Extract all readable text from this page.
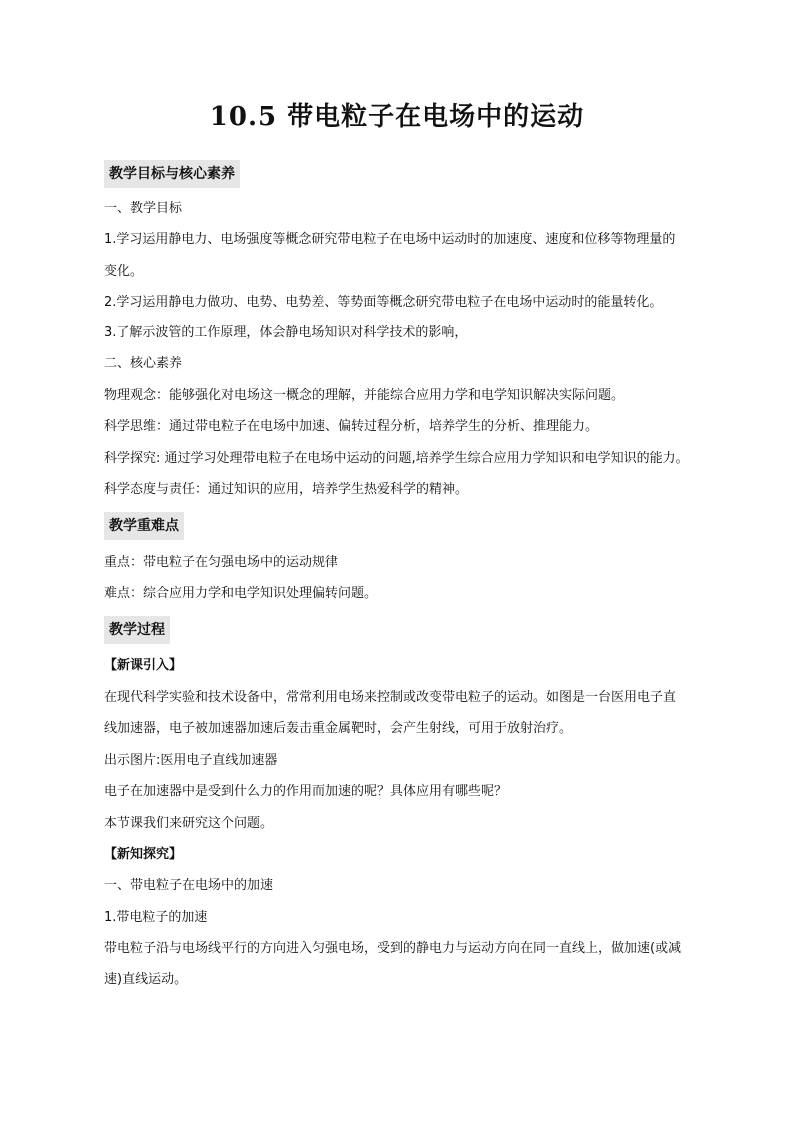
10.5 带电粒子在电场中的运动
教学目标与核心素养
一、教学目标
1.学习运用静电力、电场强度等概念研究带电粒子在电场中运动时的加速度、速度和位移等物理量的
变化。
2.学习运用静电力做功、电势、电势差、等势面等概念研究带电粒子在电场中运动时的能量转化。
3.了解示波管的工作原理，体会静电场知识对科学技术的影响，
二、核心素养
物理观念：能够强化对电场这一概念的理解，并能综合应用力学和电学知识解决实际问题。
科学思维：通过带电粒子在电场中加速、偏转过程分析，培养学生的分析、推理能力。
科学探究: 通过学习处理带电粒子在电场中运动的问题,培养学生综合应用力学知识和电学知识的能力。
科学态度与责任：通过知识的应用，培养学生热爱科学的精神。
教学重难点
重点：带电粒子在匀强电场中的运动规律
难点：综合应用力学和电学知识处理偏转问题。
教学过程
【新课引入】
在现代科学实验和技术设备中，常常利用电场来控制或改变带电粒子的运动。如图是一台医用电子直
线加速器，电子被加速器加速后轰击重金属靶时，会产生射线，可用于放射治疗。
出示图片:医用电子直线加速器
电子在加速器中是受到什么力的作用而加速的呢？具体应用有哪些呢？
本节课我们来研究这个问题。
【新知探究】
一、带电粒子在电场中的加速
1.带电粒子的加速
带电粒子沿与电场线平行的方向进入匀强电场，受到的静电力与运动方向在同一直线上，做加速(或减
速)直线运动。
